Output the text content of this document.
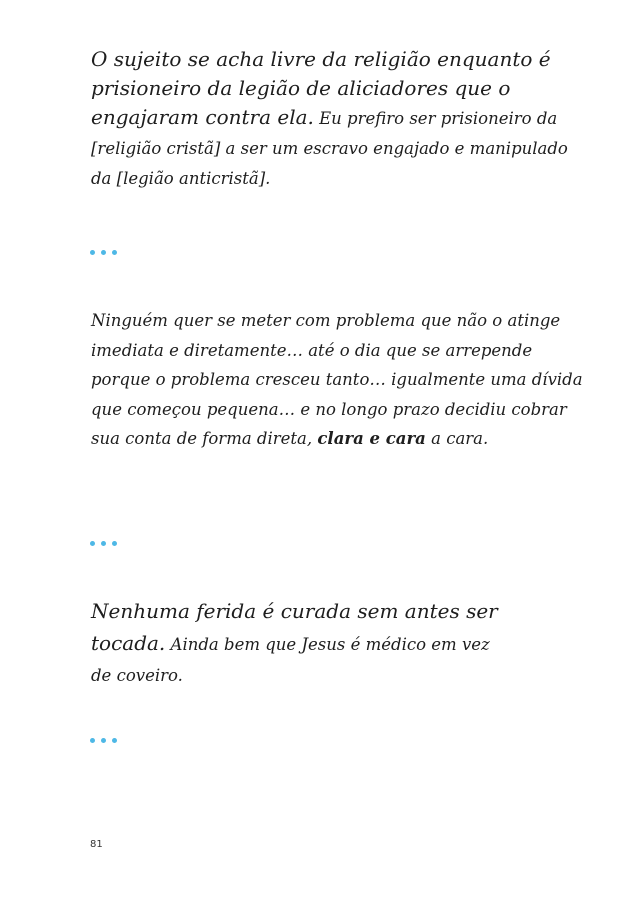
O sujeito se acha livre da religião enquanto é prisioneiro da legião de aliciadores que o engajaram contra ela. Eu prefiro ser prisioneiro da [religião cristã] a ser um escravo engajado e manipulado da [legião anticristã].

Ninguém quer se meter com problema que não o atinge imediata e diretamente… até o dia que se arrepende porque o problema cresceu tanto… igualmente uma dívida que começou pequena… e no longo prazo decidiu cobrar sua conta de forma direta, clara e cara a cara.

Nenhuma ferida é curada sem antes ser tocada. Ainda bem que Jesus é médico em vez de coveiro.

81
